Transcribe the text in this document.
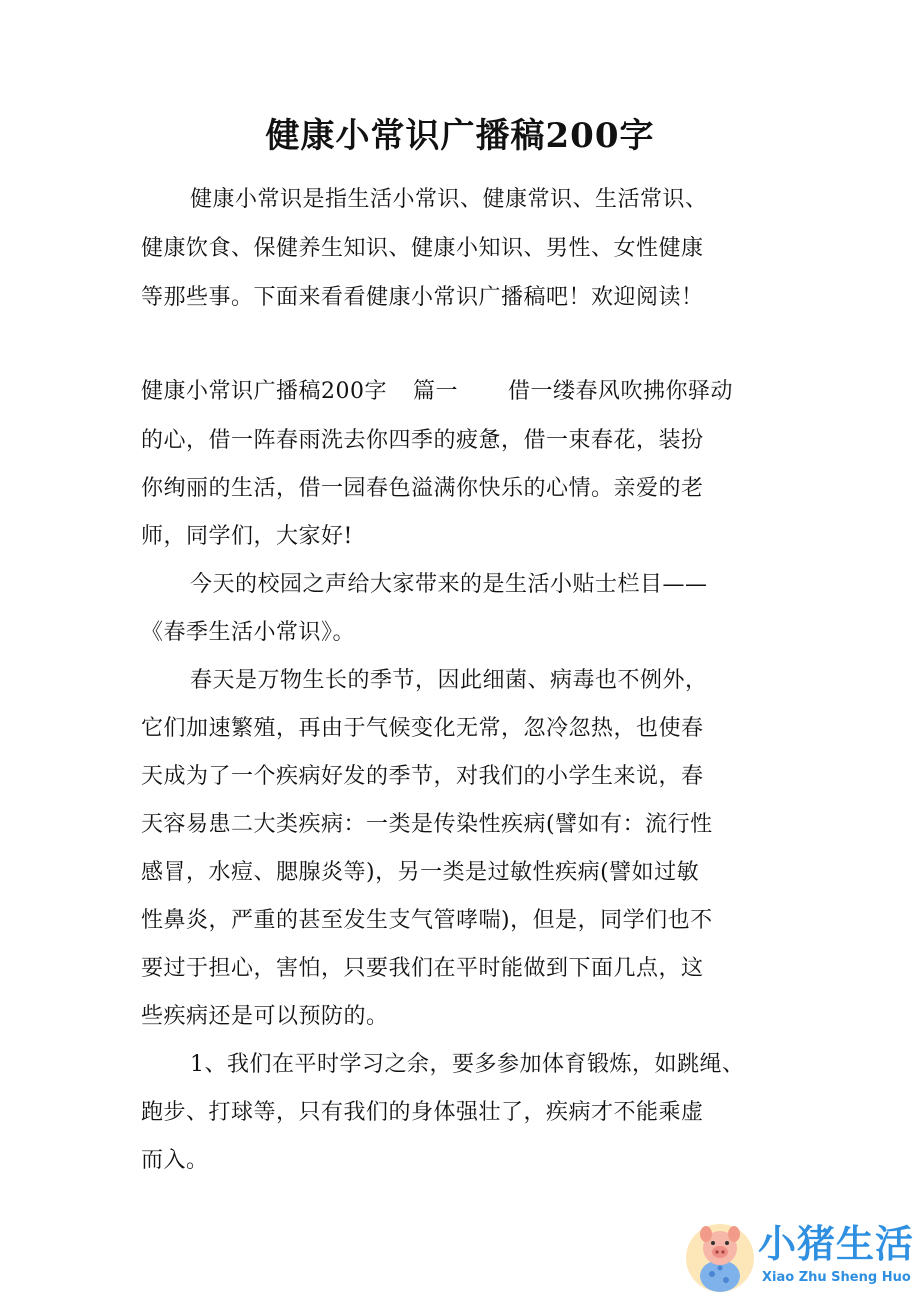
健康小常识广播稿200字
健康小常识是指生活小常识、健康常识、生活常识、
健康饮食、保健养生知识、健康小知识、男性、女性健康
等那些事。下面来看看健康小常识广播稿吧！欢迎阅读！
健康小常识广播稿200字 篇一 借一缕春风吹拂你驿动
的心，借一阵春雨洗去你四季的疲惫，借一束春花，装扮
你绚丽的生活，借一园春色溢满你快乐的心情。亲爱的老
师，同学们，大家好!
今天的校园之声给大家带来的是生活小贴士栏目——
《春季生活小常识》。
春天是万物生长的季节，因此细菌、病毒也不例外，
它们加速繁殖，再由于气候变化无常，忽冷忽热，也使春
天成为了一个疾病好发的季节，对我们的小学生来说，春
天容易患二大类疾病：一类是传染性疾病(譬如有：流行性
感冒，水痘、腮腺炎等)，另一类是过敏性疾病(譬如过敏
性鼻炎，严重的甚至发生支气管哮喘)，但是，同学们也不
要过于担心，害怕，只要我们在平时能做到下面几点，这
些疾病还是可以预防的。
1、我们在平时学习之余，要多参加体育锻炼，如跳绳、
跑步、打球等，只有我们的身体强壮了，疾病才不能乘虚
而入。
小猪生活
Xiao Zhu Sheng Huo
